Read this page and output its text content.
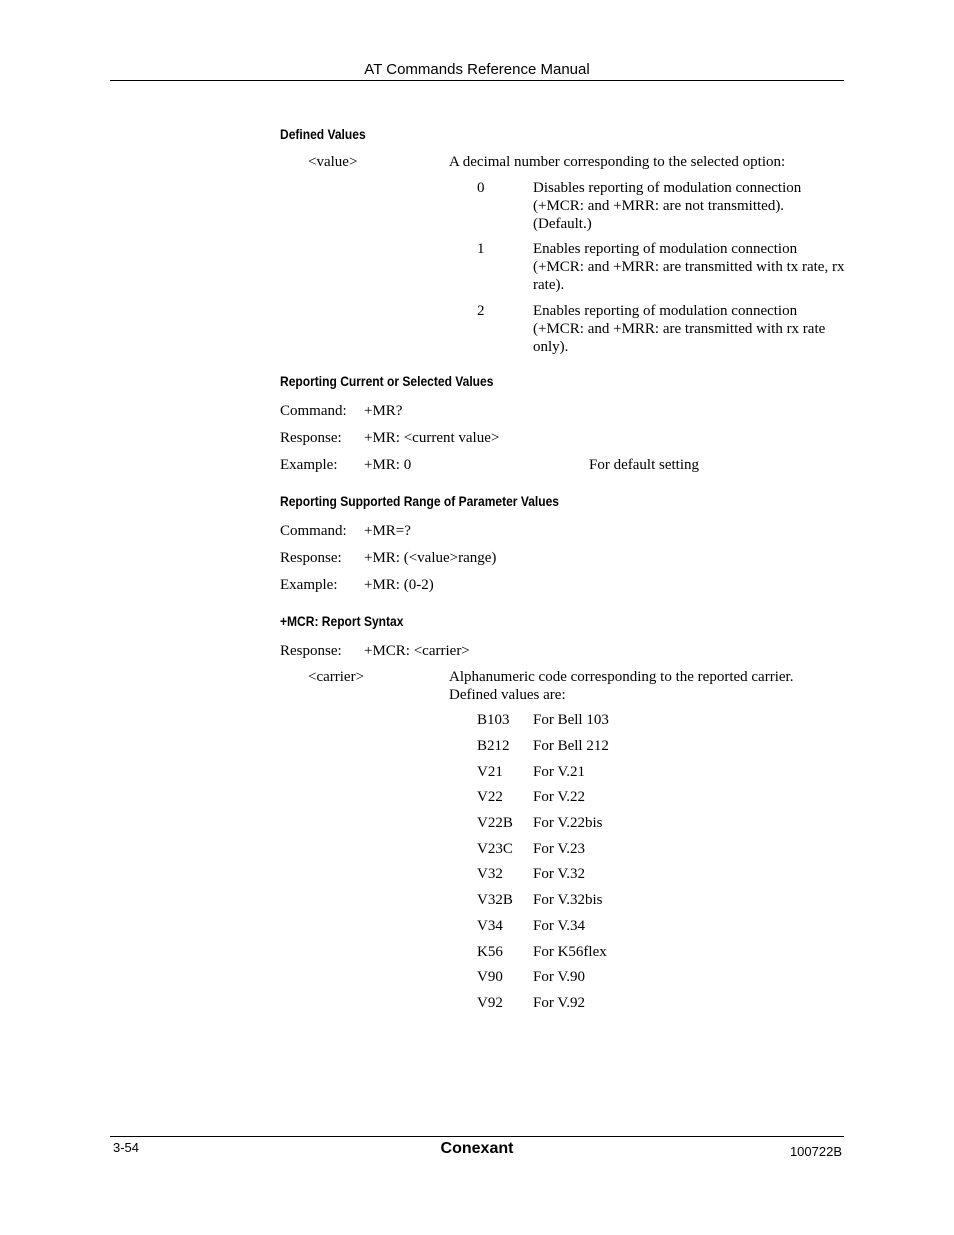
AT Commands Reference Manual
Defined Values
<value>	A decimal number corresponding to the selected option:
0	Disables reporting of modulation connection (+MCR: and +MRR: are not transmitted). (Default.)
1	Enables reporting of modulation connection (+MCR: and +MRR: are transmitted with tx rate, rx rate).
2	Enables reporting of modulation connection (+MCR: and +MRR: are transmitted with rx rate only).
Reporting Current or Selected Values
Command: +MR?
Response: +MR: <current value>
Example: +MR: 0	For default setting
Reporting Supported Range of Parameter Values
Command: +MR=?
Response: +MR: (<value>range)
Example: +MR: (0-2)
+MCR: Report Syntax
Response: +MCR: <carrier>
<carrier>	Alphanumeric code corresponding to the reported carrier. Defined values are:
B103 For Bell 103
B212 For Bell 212
V21 For V.21
V22 For V.22
V22B For V.22bis
V23C For V.23
V32 For V.32
V32B For V.32bis
V34 For V.34
K56 For K56flex
V90 For V.90
V92 For V.92
3-54	Conexant	100722B
